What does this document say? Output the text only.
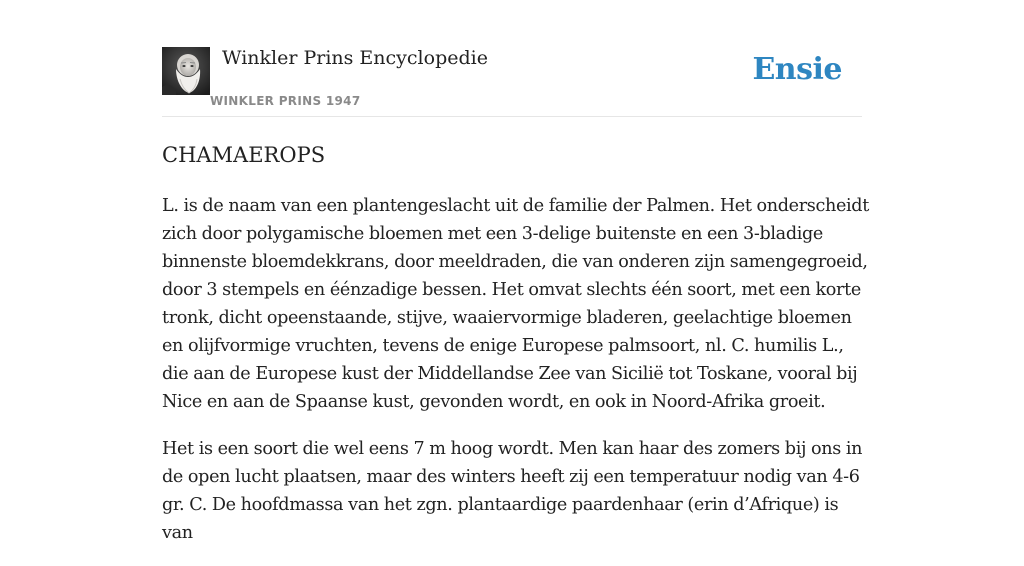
Winkler Prins Encyclopedie
WINKLER PRINS 1947
Ensie
CHAMAEROPS

L. is de naam van een plantengeslacht uit de familie der Palmen. Het onderscheidt zich door polygamische bloemen met een 3-delige buitenste en een 3-bladige binnenste bloemdekkrans, door meeldraden, die van onderen zijn samengegroeid, door 3 stempels en éénzadige bessen. Het omvat slechts één soort, met een korte tronk, dicht opeenstaande, stijve, waaiervormige bladeren, geelachtige bloemen en olijfvormige vruchten, tevens de enige Europese palmsoort, nl. C. humilis L., die aan de Europese kust der Middellandse Zee van Sicilië tot Toskane, vooral bij Nice en aan de Spaanse kust, gevonden wordt, en ook in Noord-Afrika groeit.

Het is een soort die wel eens 7 m hoog wordt. Men kan haar des zomers bij ons in de open lucht plaatsen, maar des winters heeft zij een temperatuur nodig van 4-6 gr. C. De hoofdmassa van het zgn. plantaardige paardenhaar (erin d’Afrique) is van
